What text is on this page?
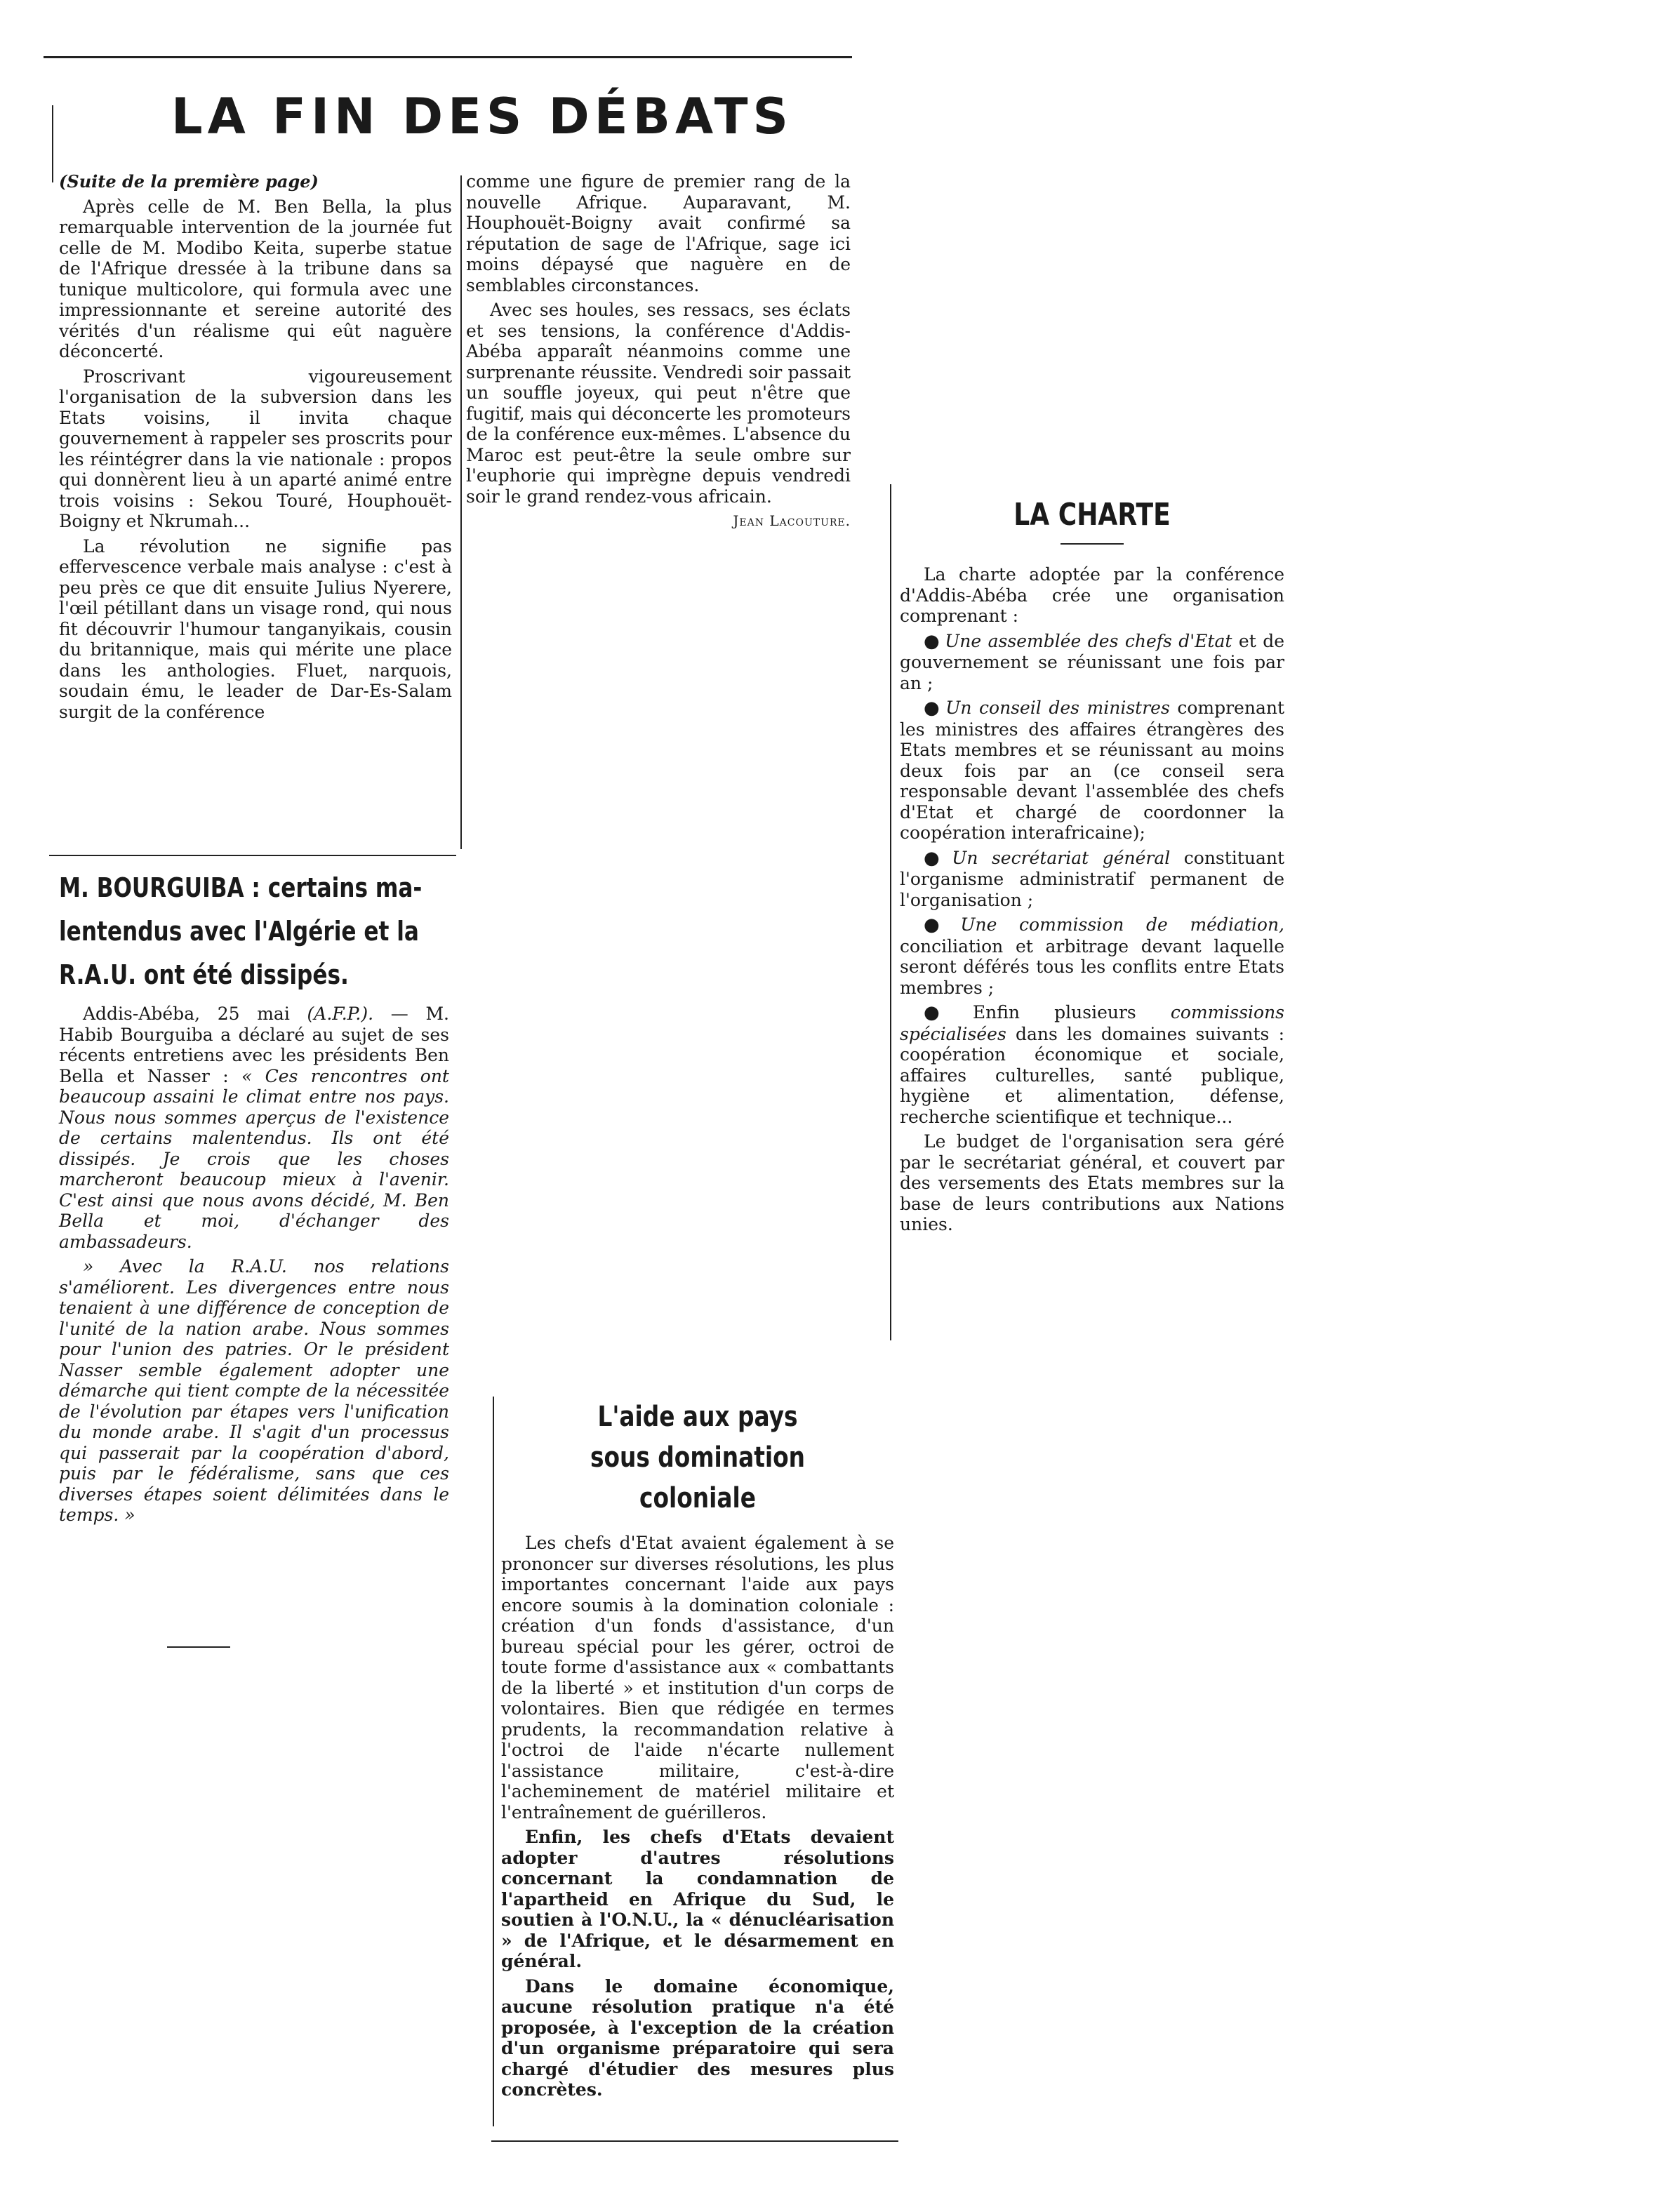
LA FIN DES DÉBATS

(Suite de la première page)

Après celle de M. Ben Bella, la plus remarquable intervention de la journée fut celle de M. Modibo Keita, superbe statue de l'Afrique dressée à la tribune dans sa tunique multicolore, qui formula avec une impressionnante et sereine autorité des vérités d'un réalisme qui eût naguère déconcerté.

Proscrivant vigoureusement l'organisation de la subversion dans les Etats voisins, il invita chaque gouvernement à rappeler ses proscrits pour les réintégrer dans la vie nationale : propos qui donnèrent lieu à un aparté animé entre trois voisins : Sekou Touré, Houphouët-Boigny et Nkrumah...

La révolution ne signifie pas effervescence verbale mais analyse : c'est à peu près ce que dit ensuite Julius Nyerere, l'œil pétillant dans un visage rond, qui nous fit découvrir l'humour tanganyikais, cousin du britannique, mais qui mérite une place dans les anthologies. Fluet, narquois, soudain ému, le leader de Dar-Es-Salam surgit de la conférence

comme une figure de premier rang de la nouvelle Afrique. Auparavant, M. Houphouët-Boigny avait confirmé sa réputation de sage de l'Afrique, sage ici moins dépaysé que naguère en de semblables circonstances.

Avec ses houles, ses ressacs, ses éclats et ses tensions, la conférence d'Addis-Abéba apparaît néanmoins comme une surprenante réussite. Vendredi soir passait un souffle joyeux, qui peut n'être que fugitif, mais qui déconcerte les promoteurs de la conférence eux-mêmes. L'absence du Maroc est peut-être la seule ombre sur l'euphorie qui imprègne depuis vendredi soir le grand rendez-vous africain.

Jean Lacouture.
M. BOURGUIBA : certains ma-
lentendus avec l'Algérie et la
R.A.U. ont été dissipés.

Addis-Abéba, 25 mai (A.F.P.). — M. Habib Bourguiba a déclaré au sujet de ses récents entretiens avec les présidents Ben Bella et Nasser : « Ces rencontres ont beaucoup assaini le climat entre nos pays. Nous nous sommes aperçus de l'existence de certains malentendus. Ils ont été dissipés. Je crois que les choses marcheront beaucoup mieux à l'avenir. C'est ainsi que nous avons décidé, M. Ben Bella et moi, d'échanger des ambassadeurs.

» Avec la R.A.U. nos relations s'améliorent. Les divergences entre nous tenaient à une différence de conception de l'unité de la nation arabe. Nous sommes pour l'union des patries. Or le président Nasser semble également adopter une démarche qui tient compte de la nécessitée de l'évolution par étapes vers l'unification du monde arabe. Il s'agit d'un processus qui passerait par la coopération d'abord, puis par le fédéralisme, sans que ces diverses étapes soient délimitées dans le temps. »

LA CHARTE

La charte adoptée par la conférence d'Addis-Abéba crée une organisation comprenant :

● Une assemblée des chefs d'Etat et de gouvernement se réunissant une fois par an ;

● Un conseil des ministres comprenant les ministres des affaires étrangères des Etats membres et se réunissant au moins deux fois par an (ce conseil sera responsable devant l'assemblée des chefs d'Etat et chargé de coordonner la coopération interafricaine);

● Un secrétariat général constituant l'organisme administratif permanent de l'organisation ;

● Une commission de médiation, conciliation et arbitrage devant laquelle seront déférés tous les conflits entre Etats membres ;

● Enfin plusieurs commissions spécialisées dans les domaines suivants : coopération économique et sociale, affaires culturelles, santé publique, hygiène et alimentation, défense, recherche scientifique et technique...

Le budget de l'organisation sera géré par le secrétariat général, et couvert par des versements des Etats membres sur la base de leurs contributions aux Nations unies.

L'aide aux pays
sous domination coloniale

Les chefs d'Etat avaient également à se prononcer sur diverses résolutions, les plus importantes concernant l'aide aux pays encore soumis à la domination coloniale : création d'un fonds d'assistance, d'un bureau spécial pour les gérer, octroi de toute forme d'assistance aux « combattants de la liberté » et institution d'un corps de volontaires. Bien que rédigée en termes prudents, la recommandation relative à l'octroi de l'aide n'écarte nullement l'assistance militaire, c'est-à-dire l'acheminement de matériel militaire et l'entraînement de guérilleros.

Enfin, les chefs d'Etats devaient adopter d'autres résolutions concernant la condamnation de l'apartheid en Afrique du Sud, le soutien à l'O.N.U., la « dénucléarisation » de l'Afrique, et le désarmement en général.

Dans le domaine économique, aucune résolution pratique n'a été proposée, à l'exception de la création d'un organisme préparatoire qui sera chargé d'étudier des mesures plus concrètes.
